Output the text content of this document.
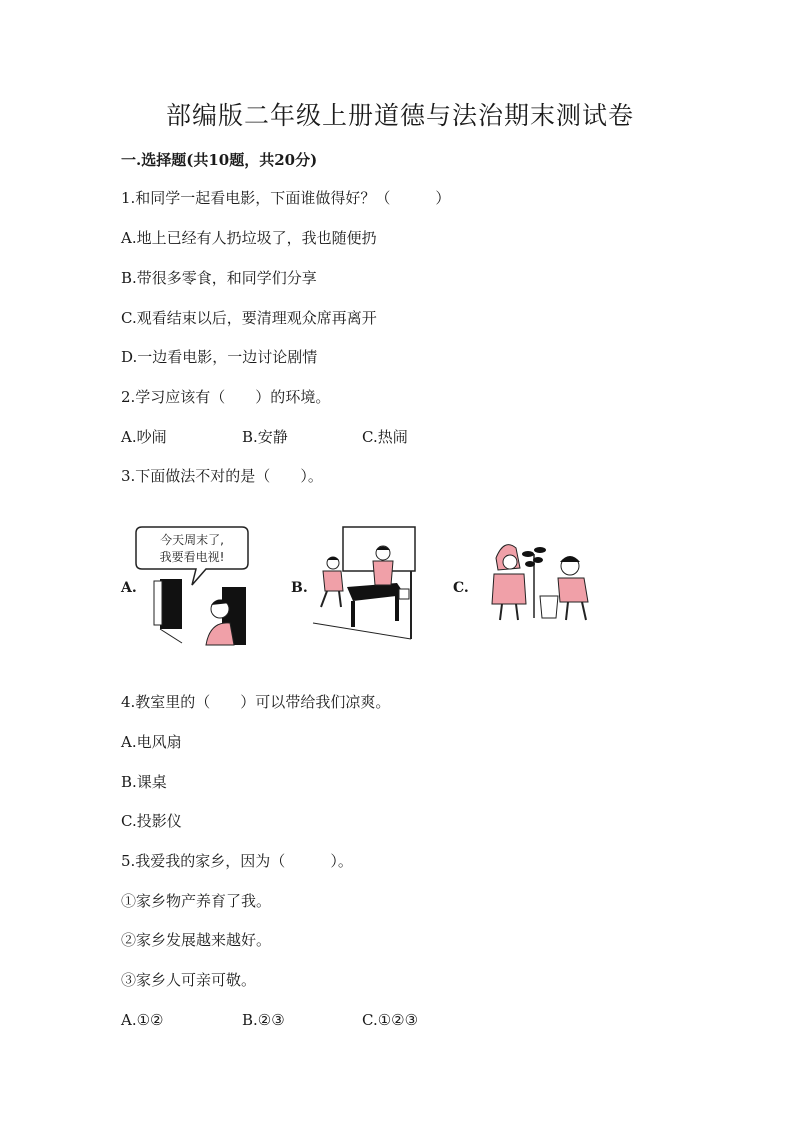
部编版二年级上册道德与法治期末测试卷
一.选择题(共10题，共20分)
1.和同学一起看电影，下面谁做得好？（　　　）
A.地上已经有人扔垃圾了，我也随便扔
B.带很多零食，和同学们分享
C.观看结束以后，要清理观众席再离开
D.一边看电影，一边讨论剧情
2.学习应该有（　　）的环境。
A.吵闹	B.安静	C.热闹
3.下面做法不对的是（　　）。
A.	B.	C.
今天周末了,
我要看电视!
4.教室里的（　　）可以带给我们凉爽。
A.电风扇
B.课桌
C.投影仪
5.我爱我的家乡，因为（　　　）。
①家乡物产养育了我。
②家乡发展越来越好。
③家乡人可亲可敬。
A.①②	B.②③	C.①②③
